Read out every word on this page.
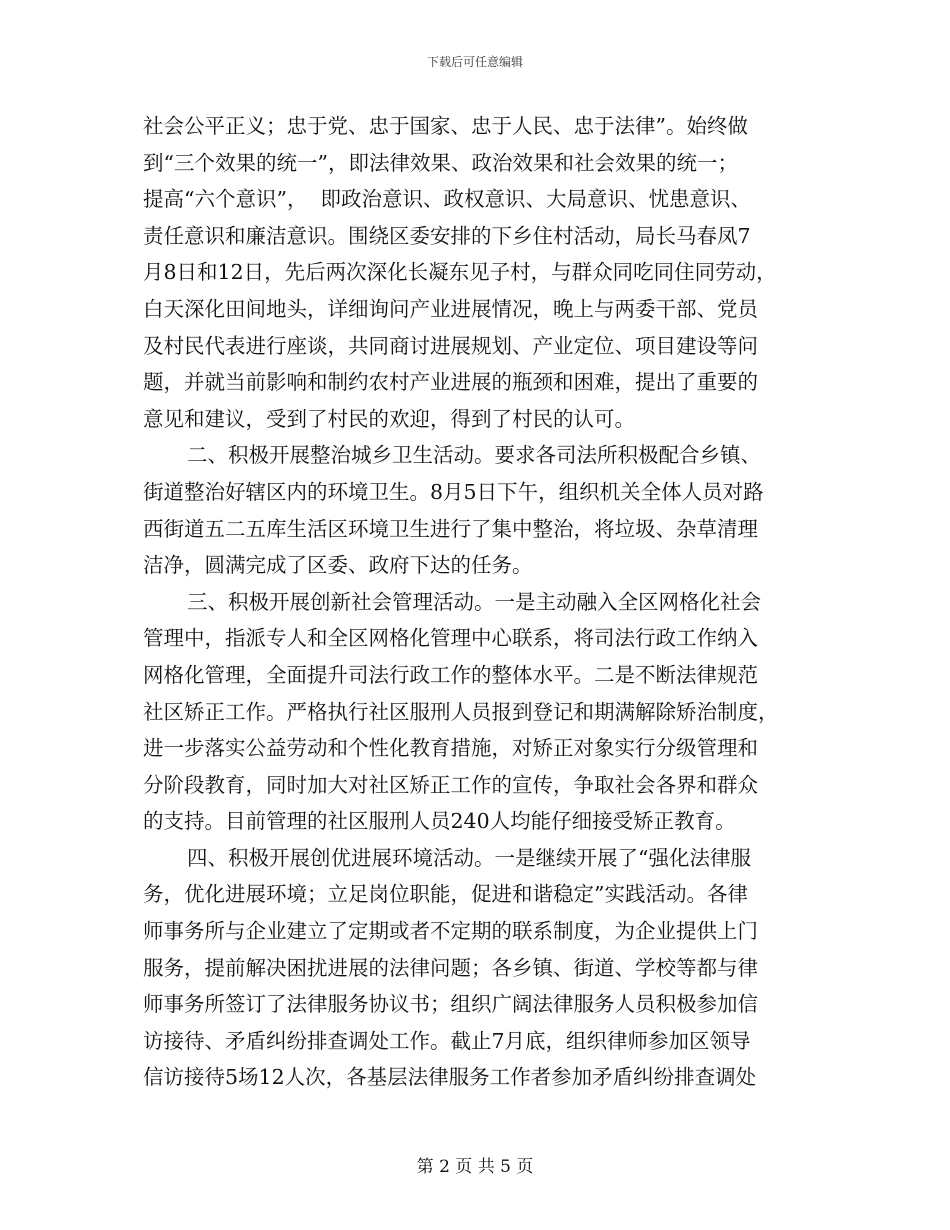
下载后可任意编辑
社会公平正义；忠于党、忠于国家、忠于人民、忠于法律”。始终做
到“三个效果的统一”，即法律效果、政治效果和社会效果的统一；
提高“六个意识”，  即政治意识、政权意识、大局意识、忧患意识、
责任意识和廉洁意识。围绕区委安排的下乡住村活动，局长马春凤7
月8日和12日，先后两次深化长凝东见子村，与群众同吃同住同劳动，
白天深化田间地头，详细询问产业进展情况，晚上与两委干部、党员
及村民代表进行座谈，共同商讨进展规划、产业定位、项目建设等问
题，并就当前影响和制约农村产业进展的瓶颈和困难，提出了重要的
意见和建议，受到了村民的欢迎，得到了村民的认可。
二、积极开展整治城乡卫生活动。要求各司法所积极配合乡镇、
街道整治好辖区内的环境卫生。8月5日下午，组织机关全体人员对路
西街道五二五库生活区环境卫生进行了集中整治，将垃圾、杂草清理
洁净，圆满完成了区委、政府下达的任务。
三、积极开展创新社会管理活动。一是主动融入全区网格化社会
管理中，指派专人和全区网格化管理中心联系，将司法行政工作纳入
网格化管理，全面提升司法行政工作的整体水平。二是不断法律规范
社区矫正工作。严格执行社区服刑人员报到登记和期满解除矫治制度，
进一步落实公益劳动和个性化教育措施，对矫正对象实行分级管理和
分阶段教育，同时加大对社区矫正工作的宣传，争取社会各界和群众
的支持。目前管理的社区服刑人员240人均能仔细接受矫正教育。
四、积极开展创优进展环境活动。一是继续开展了“强化法律服
务，优化进展环境；立足岗位职能，促进和谐稳定”实践活动。各律
师事务所与企业建立了定期或者不定期的联系制度，为企业提供上门
服务，提前解决困扰进展的法律问题；各乡镇、街道、学校等都与律
师事务所签订了法律服务协议书；组织广阔法律服务人员积极参加信
访接待、矛盾纠纷排查调处工作。截止7月底，组织律师参加区领导
信访接待5场12人次，各基层法律服务工作者参加矛盾纠纷排查调处
第 2 页 共 5 页
